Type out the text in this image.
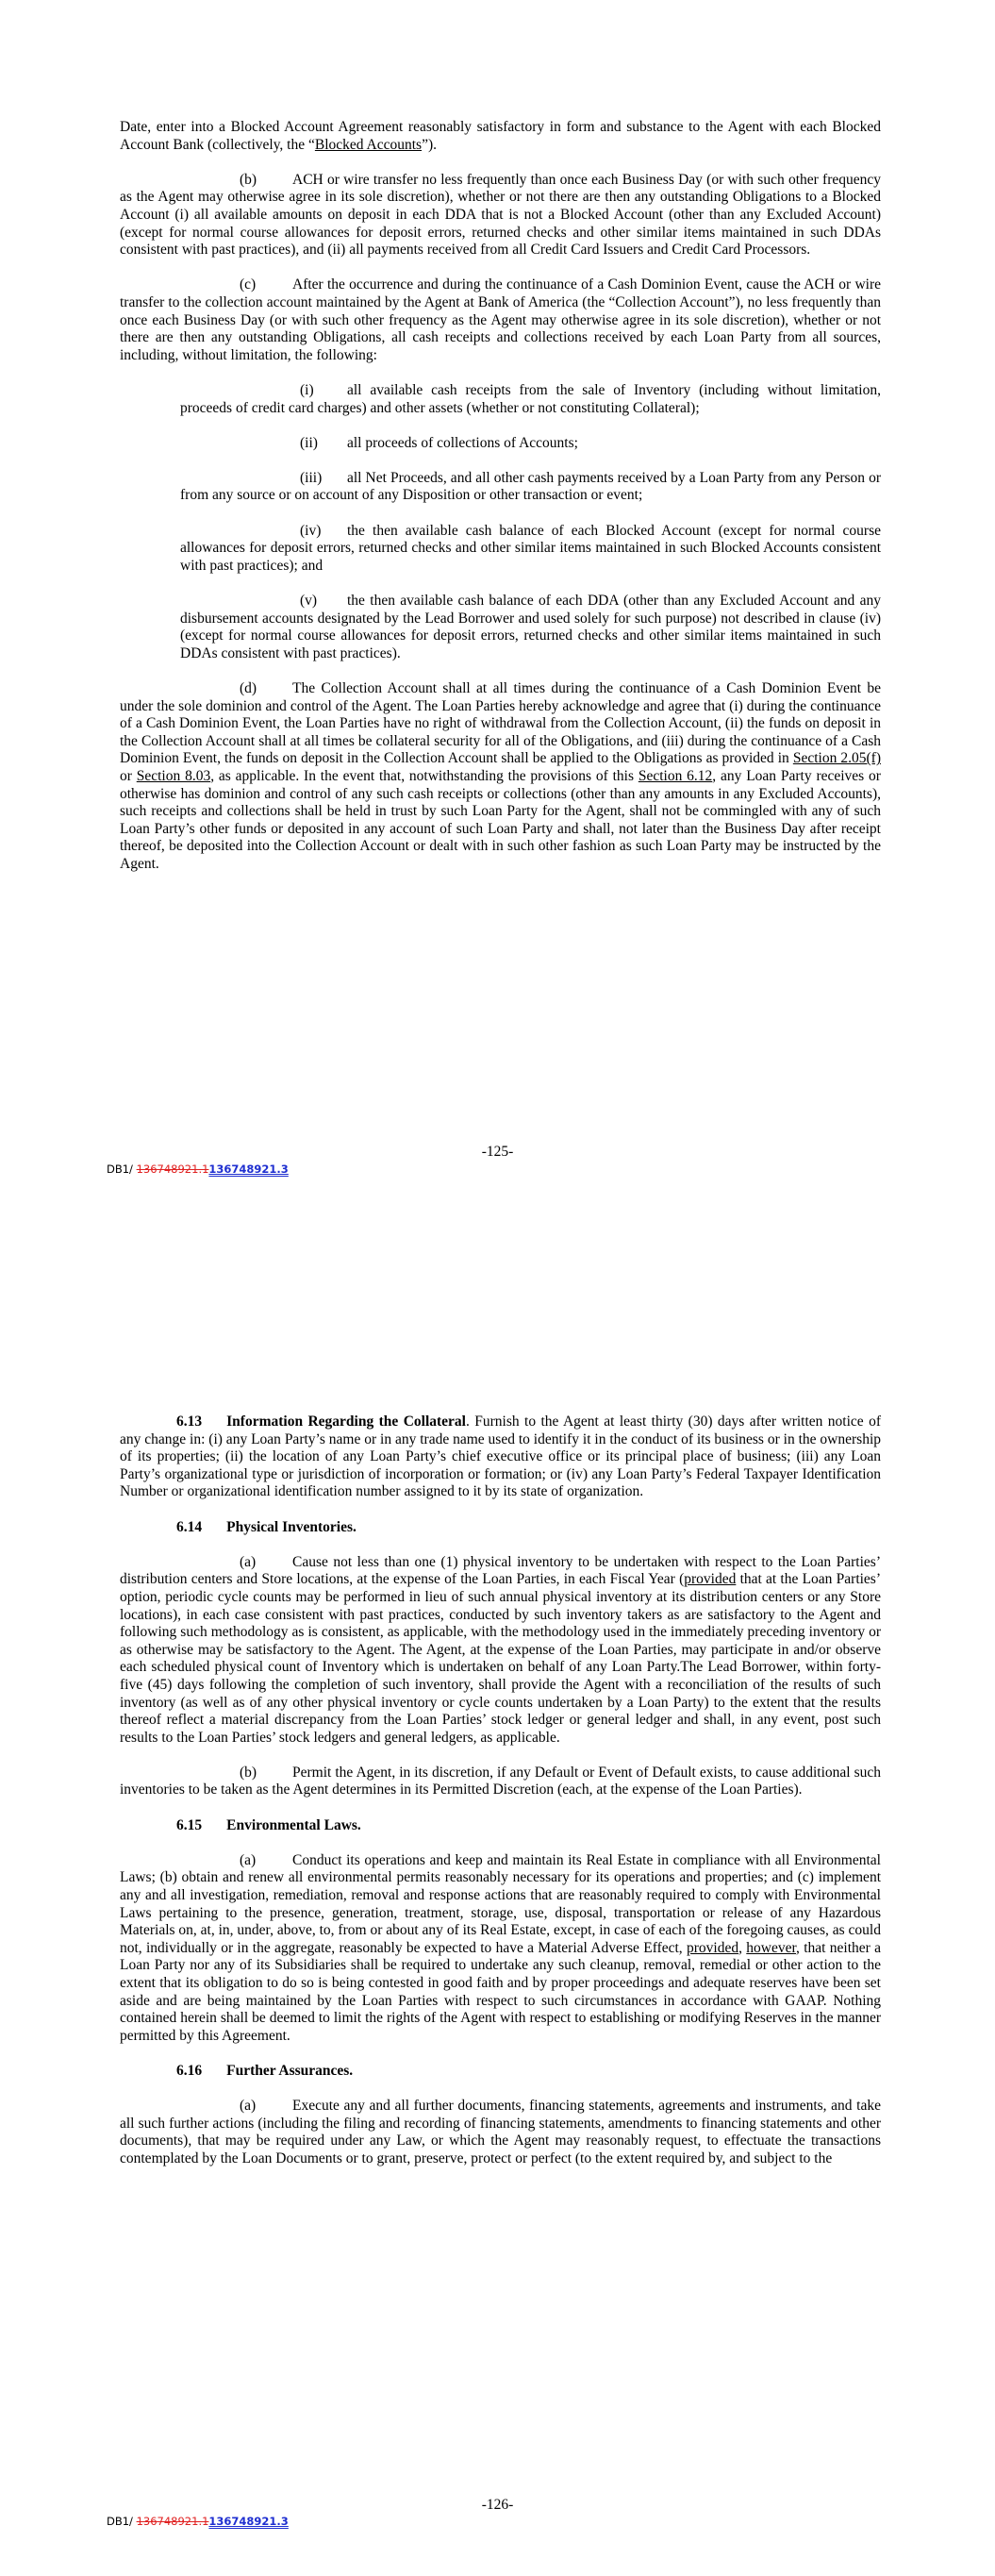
Date, enter into a Blocked Account Agreement reasonably satisfactory in form and substance to the Agent with each Blocked Account Bank (collectively, the “Blocked Accounts”).

(b) ACH or wire transfer no less frequently than once each Business Day (or with such other frequency as the Agent may otherwise agree in its sole discretion), whether or not there are then any outstanding Obligations to a Blocked Account (i) all available amounts on deposit in each DDA that is not a Blocked Account (other than any Excluded Account) (except for normal course allowances for deposit errors, returned checks and other similar items maintained in such DDAs consistent with past practices), and (ii) all payments received from all Credit Card Issuers and Credit Card Processors.

(c)	After the occurrence and during the continuance of a Cash Dominion Event, cause the ACH or wire transfer to the collection account maintained by the Agent at Bank of America (the “Collection Account”), no less frequently than once each Business Day (or with such other frequency as the Agent may otherwise agree in its sole discretion), whether or not there are then any outstanding Obligations, all cash receipts and collections received by each Loan Party from all sources, including, without limitation, the following:

(i) all available cash receipts from the sale of Inventory (including without limitation, proceeds of credit card charges) and other assets (whether or not constituting Collateral);

(ii) all proceeds of collections of Accounts;

(iii) all Net Proceeds, and all other cash payments received by a Loan Party from any Person or from any source or on account of any Disposition or other transaction or event;

(iv) the then available cash balance of each Blocked Account (except for normal course allowances for deposit errors, returned checks and other similar items maintained in such Blocked Accounts consistent with past practices); and

(v) the then available cash balance of each DDA (other than any Excluded Account and any disbursement accounts designated by the Lead Borrower and used solely for such purpose) not described in clause (iv) (except for normal course allowances for deposit errors, returned checks and other similar items maintained in such DDAs consistent with past practices).

(d) The Collection Account shall at all times during the continuance of a Cash Dominion Event be under the sole dominion and control of the Agent. The Loan Parties hereby acknowledge and agree that (i) during the continuance of a Cash Dominion Event, the Loan Parties have no right of withdrawal from the Collection Account, (ii) the funds on deposit in the Collection Account shall at all times be collateral security for all of the Obligations, and (iii) during the continuance of a Cash Dominion Event, the funds on deposit in the Collection Account shall be applied to the Obligations as provided in Section 2.05(f) or Section 8.03, as applicable. In the event that, notwithstanding the provisions of this Section 6.12, any Loan Party receives or otherwise has dominion and control of any such cash receipts or collections (other than any amounts in any Excluded Accounts), such receipts and collections shall be held in trust by such Loan Party for the Agent, shall not be commingled with any of such Loan Party’s other funds or deposited in any account of such Loan Party and shall, not later than the Business Day after receipt thereof, be deposited into the Collection Account or dealt with in such other fashion as such Loan Party may be instructed by the Agent.

-125-
DB1/ 136748921.1136748921.3

6.13 Information Regarding the Collateral. Furnish to the Agent at least thirty (30) days after written notice of any change in: (i) any Loan Party’s name or in any trade name used to identify it in the conduct of its business or in the ownership of its properties; (ii) the location of any Loan Party’s chief executive office or its principal place of business; (iii) any Loan Party’s organizational type or jurisdiction of incorporation or formation; or (iv) any Loan Party’s Federal Taxpayer Identification Number or organizational identification number assigned to it by its state of organization.

6.14 Physical Inventories.

(a)	Cause not less than one (1) physical inventory to be undertaken with respect to the Loan Parties’ distribution centers and Store locations, at the expense of the Loan Parties, in each Fiscal Year (provided that at the Loan Parties’ option, periodic cycle counts may be performed in lieu of such annual physical inventory at its distribution centers or any Store locations), in each case consistent with past practices, conducted by such inventory takers as are satisfactory to the Agent and following such methodology as is consistent, as applicable, with the methodology used in the immediately preceding inventory or as otherwise may be satisfactory to the Agent. The Agent, at the expense of the Loan Parties, may participate in and/or observe each scheduled physical count of Inventory which is undertaken on behalf of any Loan Party.The Lead Borrower, within forty-five (45) days following the completion of such inventory, shall provide the Agent with a reconciliation of the results of such inventory (as well as of any other physical inventory or cycle counts undertaken by a Loan Party) to the extent that the results thereof reflect a material discrepancy from the Loan Parties’ stock ledger or general ledger and shall, in any event, post such results to the Loan Parties’ stock ledgers and general ledgers, as applicable.

(b) Permit the Agent, in its discretion, if any Default or Event of Default exists, to cause additional such inventories to be taken as the Agent determines in its Permitted Discretion (each, at the expense of the Loan Parties).

6.15 Environmental Laws.

(a)	Conduct its operations and keep and maintain its Real Estate in compliance with all Environmental Laws; (b) obtain and renew all environmental permits reasonably necessary for its operations and properties; and (c) implement any and all investigation, remediation, removal and response actions that are reasonably required to comply with Environmental Laws pertaining to the presence, generation, treatment, storage, use, disposal, transportation or release of any Hazardous Materials on, at, in, under, above, to, from or about any of its Real Estate, except, in case of each of the foregoing causes, as could not, individually or in the aggregate, reasonably be expected to have a Material Adverse Effect, provided, however, that neither a Loan Party nor any of its Subsidiaries shall be required to undertake any such cleanup, removal, remedial or other action to the extent that its obligation to do so is being contested in good faith and by proper proceedings and adequate reserves have been set aside and are being maintained by the Loan Parties with respect to such circumstances in accordance with GAAP. Nothing contained herein shall be deemed to limit the rights of the Agent with respect to establishing or modifying Reserves in the manner permitted by this Agreement.

6.16 Further Assurances.

(a)	Execute any and all further documents, financing statements, agreements and instruments, and take all such further actions (including the filing and recording of financing statements, amendments to financing statements and other documents), that may be required under any Law, or which the Agent may reasonably request, to effectuate the transactions contemplated by the Loan Documents or to grant, preserve, protect or perfect (to the extent required by, and subject to the

-126-
DB1/ 136748921.1136748921.3
